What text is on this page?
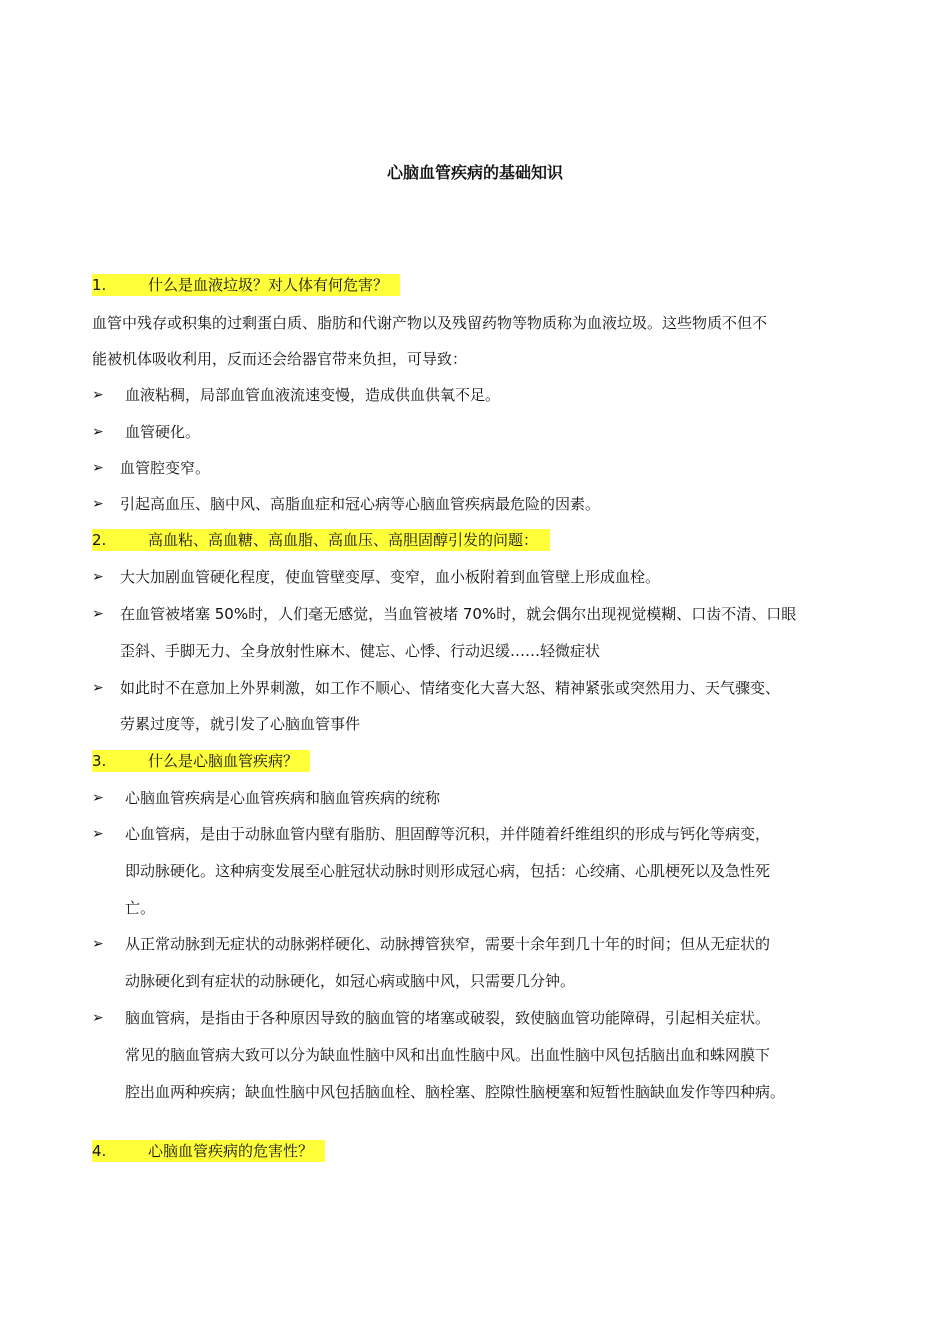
心脑血管疾病的基础知识
1.	什么是血液垃圾？对人体有何危害？
血管中残存或积集的过剩蛋白质、脂肪和代谢产物以及残留药物等物质称为血液垃圾。这些物质不但不
能被机体吸收利用，反而还会给器官带来负担，可导致：
➢ 血液粘稠，局部血管血液流速变慢，造成供血供氧不足。
➢ 血管硬化。
➢ 血管腔变窄。
➢ 引起高血压、脑中风、高脂血症和冠心病等心脑血管疾病最危险的因素。
2.	高血粘、高血糖、高血脂、高血压、高胆固醇引发的问题：
➢ 大大加剧血管硬化程度，使血管壁变厚、变窄，血小板附着到血管壁上形成血栓。
➢ 在血管被堵塞 50%时，人们毫无感觉，当血管被堵 70%时，就会偶尔出现视觉模糊、口齿不清、口眼
歪斜、手脚无力、全身放射性麻木、健忘、心悸、行动迟缓……轻微症状
➢ 如此时不在意加上外界刺激，如工作不顺心、情绪变化大喜大怒、精神紧张或突然用力、天气骤变、
劳累过度等，就引发了心脑血管事件
3.	什么是心脑血管疾病？
➢ 心脑血管疾病是心血管疾病和脑血管疾病的统称
➢ 心血管病，是由于动脉血管内壁有脂肪、胆固醇等沉积，并伴随着纤维组织的形成与钙化等病变，
即动脉硬化。这种病变发展至心脏冠状动脉时则形成冠心病，包括：心绞痛、心肌梗死以及急性死
亡。
➢ 从正常动脉到无症状的动脉粥样硬化、动脉搏管狭窄，需要十余年到几十年的时间；但从无症状的
动脉硬化到有症状的动脉硬化，如冠心病或脑中风，只需要几分钟。
➢ 脑血管病，是指由于各种原因导致的脑血管的堵塞或破裂，致使脑血管功能障碍，引起相关症状。
常见的脑血管病大致可以分为缺血性脑中风和出血性脑中风。出血性脑中风包括脑出血和蛛网膜下
腔出血两种疾病；缺血性脑中风包括脑血栓、脑栓塞、腔隙性脑梗塞和短暂性脑缺血发作等四种病。
4.	心脑血管疾病的危害性？
